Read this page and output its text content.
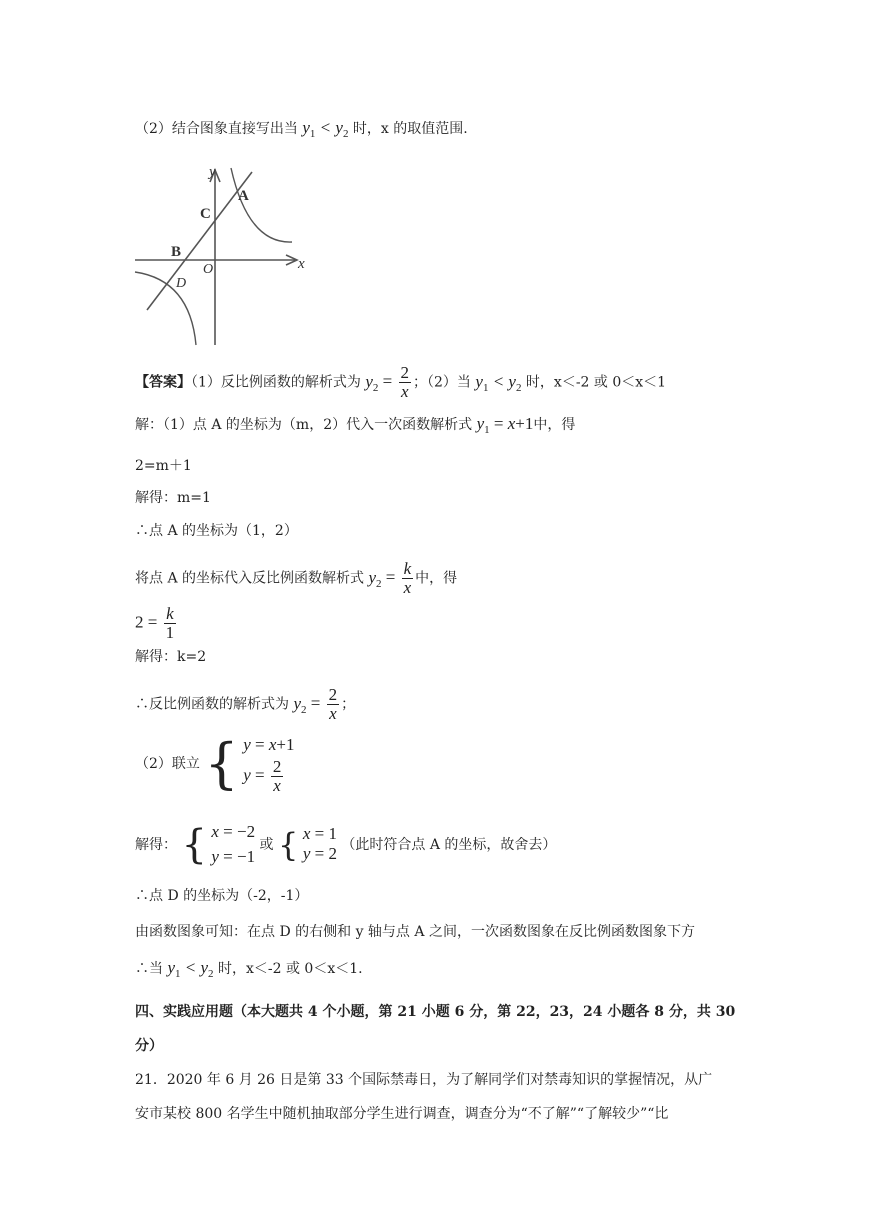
（2）结合图象直接写出当 $y_1 < y_2$ 时，x 的取值范围.
y
x
A
C
B
O
D
【答案】（1）反比例函数的解析式为 $y_2 = \frac{2}{x}$ ；（2）当 $y_1 < y_2$ 时，x＜-2 或 0＜x＜1
解：（1）点 A 的坐标为（m，2）代入一次函数解析式 $y_1 = x+1$中，得
2=m＋1
解得：m=1
∴点 A 的坐标为（1，2）
将点 A 的坐标代入反比例函数解析式 $y_2 = \frac{k}{x}$ 中，得
$2 = \frac{k}{1}$
解得：k=2
∴反比例函数的解析式为 $y_2 = \frac{2}{x}$ ；
（2）联立 { y = x+1
$y = \frac{2}{x}$
解得： { x = −2
y = −1
或 { x = 1
y = 2 （此时符合点 A 的坐标，故舍去）
∴点 D 的坐标为（-2，-1）
由函数图象可知：在点 D 的右侧和 y 轴与点 A 之间，一次函数图象在反比例函数图象下方
∴当 $y_1 < y_2$ 时，x＜-2 或 0＜x＜1.
四、实践应用题（本大题共 4 个小题，第 21 小题 6 分，第 22，23，24 小题各 8 分，共 30
分）
21．2020 年 6 月 26 日是第 33 个国际禁毒日，为了解同学们对禁毒知识的掌握情况，从广
安市某校 800 名学生中随机抽取部分学生进行调查，调查分为“不了解”“了解较少”“比
